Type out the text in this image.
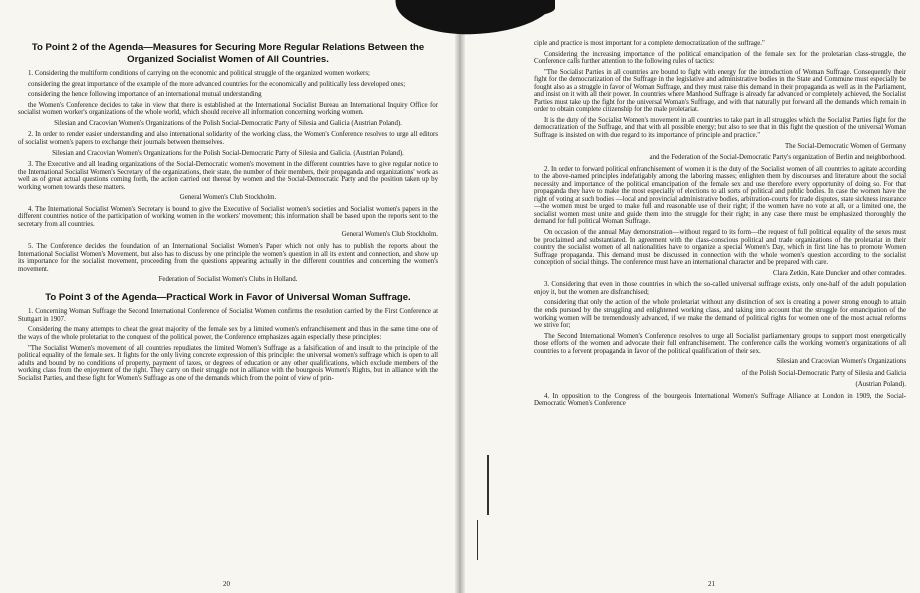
To Point 2 of the Agenda—Measures for Securing More Regular Relations Between the Organized Socialist Women of All Countries.

1. Considering the multiform conditions of carrying on the economic and political struggle of the organized women workers;

considering the great importance of the example of the more advanced countries for the economically and politically less developed ones;

considering the hence following importance of an international mutual understanding

the Women's Conference decides to take in view that there is established at the International Socialist Bureau an International Inquiry Office for socialist women worker's organizations of the whole world, which should receive all information concerning working women.

Silesian and Cracovian Women's Organizations of the Polish Social-Democratic Party of Silesia and Galicia (Austrian Poland).

2. In order to render easier understanding and also international solidarity of the working class, the Women's Conference resolves to urge all editors of socialist women's papers to exchange their journals between themselves.

Silesian and Cracovian Women's Organizations for the Polish Social-Democratic Party of Silesia and Galicia. (Austrian Poland).

3. The Executive and all leading organizations of the Social-Democratic women's movement in the different countries have to give regular notice to the International Socialist Women's Secretary of the organizations, their state, the number of their members, their propaganda and organizations' work as well as of great actual questions coming forth, the action carried out thereat by women and the Social-Democratic Party and the position taken up by working women towards these matters.

General Women's Club Stockholm.

4. The International Socialist Women's Secretary is bound to give the Executive of Socialist women's societies and Socialist women's papers in the different countries notice of the participation of working women in the workers' movement; this information shall be based upon the reports sent to the secretary from all countries.

General Women's Club Stockholm.

5. The Conference decides the foundation of an International Socialist Women's Paper which not only has to publish the reports about the International Socialist Women's Movement, but also has to discuss by one principle the women's question in all its extent and connection, and show up its importance for the socialist movement, proceeding from the questions appearing actually in the different countries and concerning the women's movement.

Federation of Socialist Women's Clubs in Holland.
To Point 3 of the Agenda—Practical Work in Favor of Universal Woman Suffrage.

1. Concerning Woman Suffrage the Second International Conference of Socialist Women confirms the resolution carried by the First Conference at Stuttgart in 1907.

Considering the many attempts to cheat the great majority of the female sex by a limited women's enfranchisement and thus in the same time one of the ways of the whole proletariat to the conquest of the political power, the Conference emphasizes again especially these principles:

"The Socialist Women's movement of all countries repudiates the limited Women's Suffrage as a falsification of and insult to the principle of the political equality of the female sex. It fights for the only living concrete expression of this principle: the universal women's suffrage which is open to all adults and bound by no conditions of property, payment of taxes, or degrees of education or any other qualifications, which exclude members of the working class from the enjoyment of the right. They carry on their struggle not in alliance with the bourgeois Women's Rights, but in alliance with the Socialist Parties, and these fight for Women's Suffrage as one of the demands which from the point of view of prin-

20

ciple and practice is most important for a complete democratization of the suffrage."

Considering the increasing importance of the political emancipation of the female sex for the proletarian class-struggle, the Conference calls further attention to the following rules of tactics:

"The Socialist Parties in all countries are bound to fight with energy for the introduction of Woman Suffrage. Consequently their fight for the democratization of the Suffrage in the legislative and administrative bodies in the State and Commune must especially be fought also as a struggle in favor of Woman Suffrage, and they must raise this demand in their propaganda as well as in the Parliament, and insist on it with all their power. In countries where Manhood Suffrage is already far advanced or completely achieved, the Socialist Parties must take up the fight for the universal Woman's Suffrage, and with that naturally put forward all the demands which remain in order to obtain complete citizenship for the male proletariat.

It is the duty of the Socialist Women's movement in all countries to take part in all struggles which the Socialist Parties fight for the democratization of the Suffrage, and that with all possible energy; but also to see that in this fight the question of the universal Woman Suffrage is insisted on with due regard to its importance of principle and practice."

The Social-Democratic Women of Germany
and the Federation of the Social-Democratic Party's organization of Berlin and neighborhood.

2. In order to forward political enfranchisement of women it is the duty of the Socialist women of all countries to agitate according to the above-named principles indefatigably among the laboring masses; enlighten them by discourses and literature about the social necessity and importance of the political emancipation of the female sex and use therefore every opportunity of doing so. For that propaganda they have to make the most especially of elections to all sorts of political and public bodies. In case the women have the right of voting at such bodies —local and provincial administrative bodies, arbitration-courts for trade disputes, state sickness insurance—the women must be urged to make full and reasonable use of their right; if the women have no vote at all, or a limited one, the socialist women must unite and guide them into the struggle for their right; in any case there must be emphasized thoroughly the demand for full political Woman Suffrage.

On occasion of the annual May demonstration—without regard to its form—the request of full political equality of the sexes must be proclaimed and substantiated. In agreement with the class-conscious political and trade organizations of the proletariat in their country the socialist women of all nationalities have to organize a special Women's Day, which in first line has to promote Women Suffrage propaganda. This demand must be discussed in connection with the whole women's question according to the socialist conception of social things. The conference must have an international character and be prepared with care.

Clara Zetkin, Kate Duncker and other comrades.

3. Considering that even in those countries in which the so-called universal suffrage exists, only one-half of the adult population enjoy it, but the women are disfranchised;

considering that only the action of the whole proletariat without any distinction of sex is creating a power strong enough to attain the ends pursued by the struggling and enlightened working class, and taking into account that the struggle for emancipation of the working women will be tremendously advanced, if we make the demand of political rights for women one of the most actual reforms we strive for;

The Second International Women's Conference resolves to urge all Socialist parliamentary groups to support most energetically those efforts of the women and advocate their full enfranchisement. The conference calls the working women's organizations of all countries to a fervent propaganda in favor of the political qualification of their sex.

Silesian and Cracovian Women's Organizations
of the Polish Social-Democratic Party of Silesia and Galicia
(Austrian Poland).

4. In opposition to the Congress of the bourgeois International Women's Suffrage Alliance at London in 1909, the Social-Democratic Women's Conference

21
